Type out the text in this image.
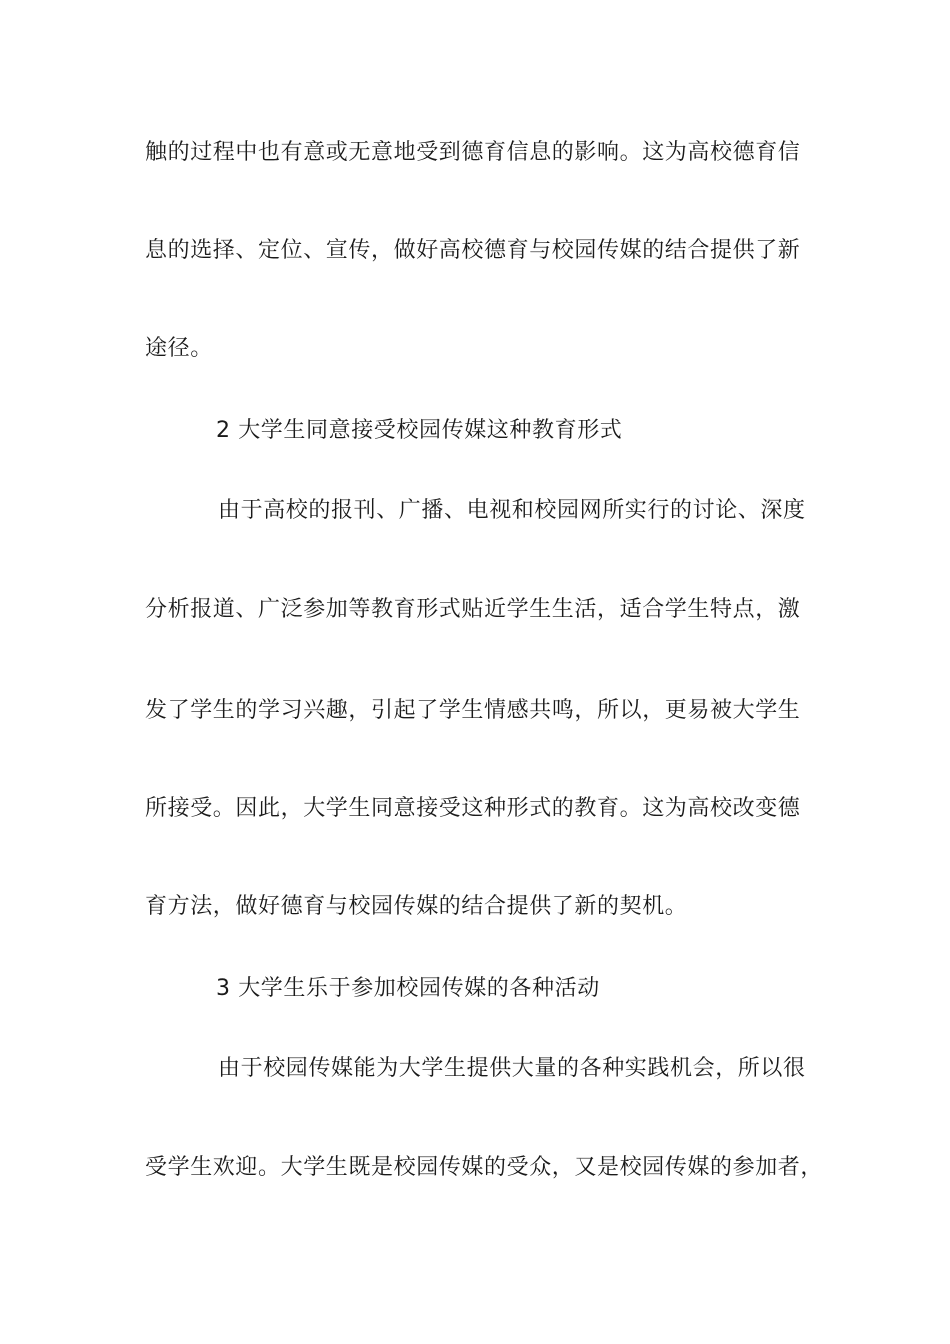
触的过程中也有意或无意地受到德育信息的影响。这为高校德育信
息的选择、定位、宣传，做好高校德育与校园传媒的结合提供了新
途径。
2 大学生同意接受校园传媒这种教育形式
由于高校的报刊、广播、电视和校园网所实行的讨论、深度
分析报道、广泛参加等教育形式贴近学生生活，适合学生特点，激
发了学生的学习兴趣，引起了学生情感共鸣，所以，更易被大学生
所接受。因此，大学生同意接受这种形式的教育。这为高校改变德
育方法，做好德育与校园传媒的结合提供了新的契机。
3 大学生乐于参加校园传媒的各种活动
由于校园传媒能为大学生提供大量的各种实践机会，所以很
受学生欢迎。大学生既是校园传媒的受众，又是校园传媒的参加者，
